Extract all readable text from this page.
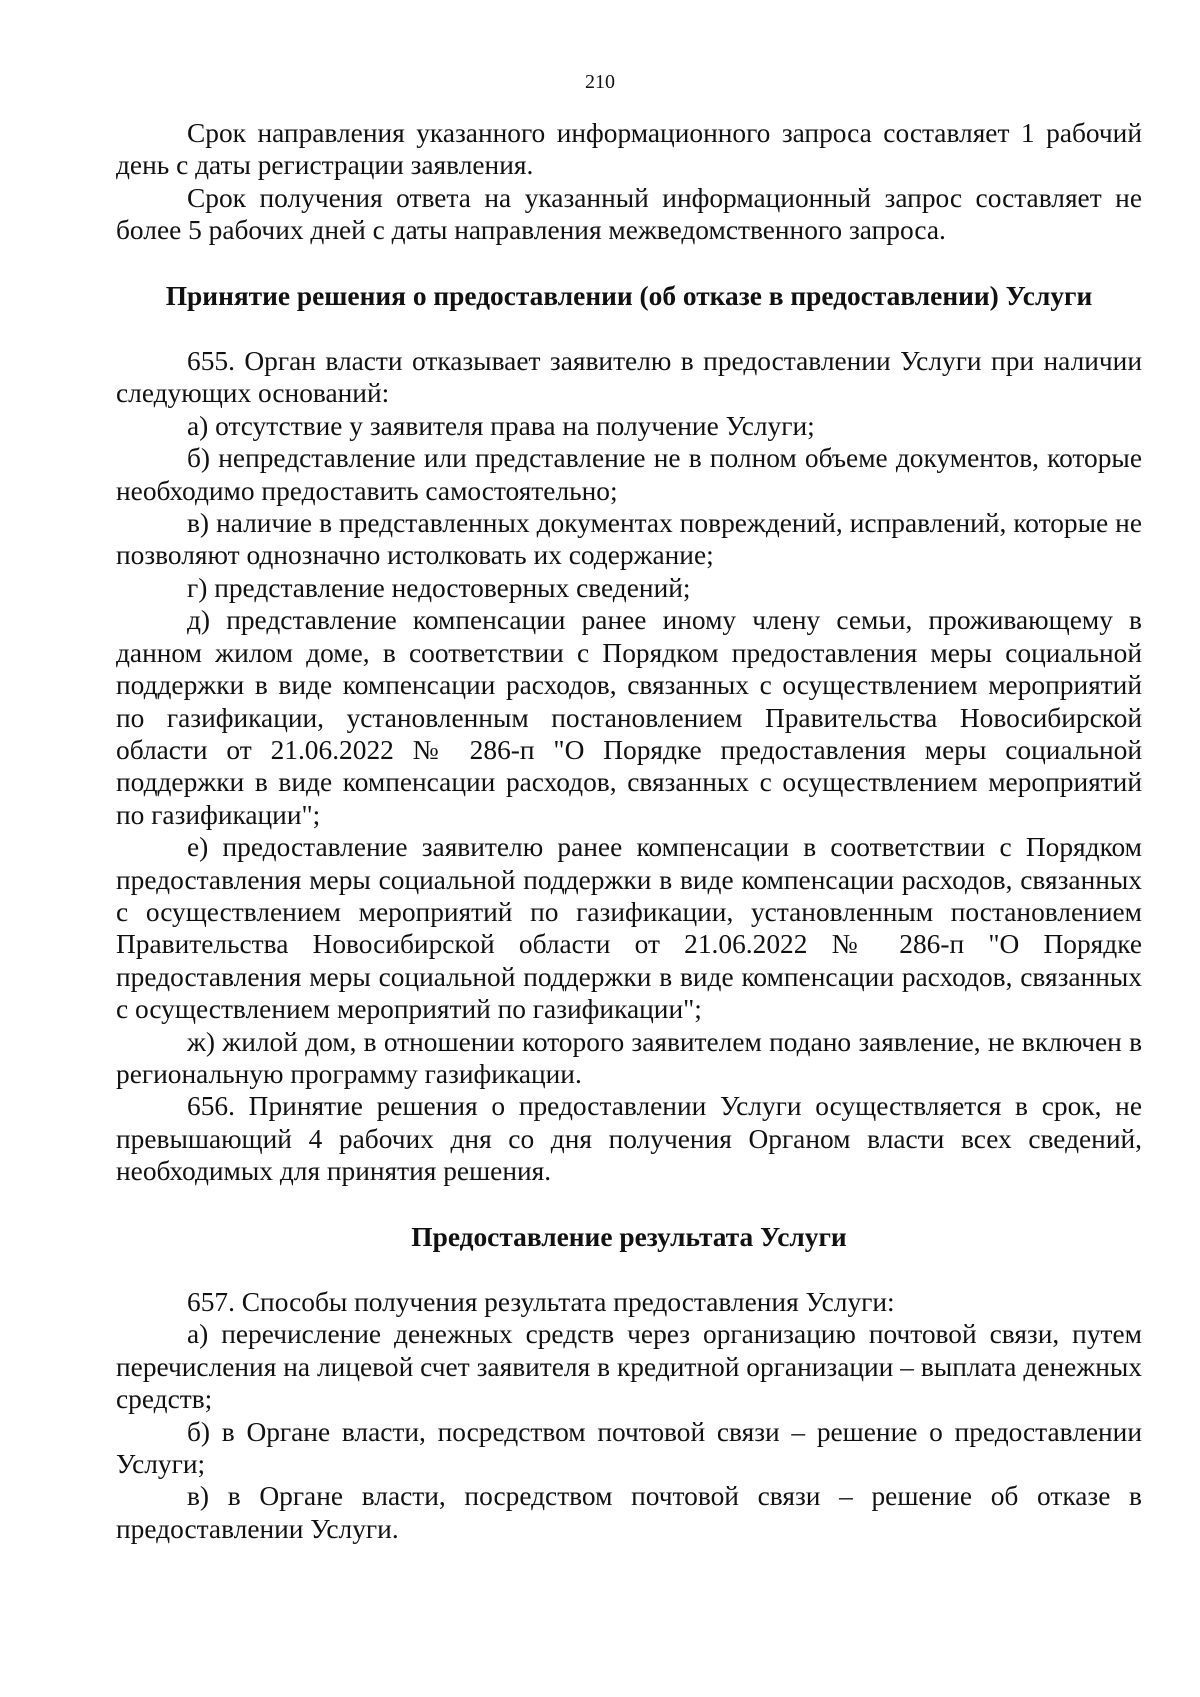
210

Срок направления указанного информационного запроса составляет 1 рабочий день с даты регистрации заявления.

Срок получения ответа на указанный информационный запрос составляет не более 5 рабочих дней с даты направления межведомственного запроса.

Принятие решения о предоставлении (об отказе в предоставлении) Услуги

655. Орган власти отказывает заявителю в предоставлении Услуги при наличии следующих оснований:

а) отсутствие у заявителя права на получение Услуги;

б) непредставление или представление не в полном объеме документов, которые необходимо предоставить самостоятельно;

в) наличие в представленных документах повреждений, исправлений, которые не позволяют однозначно истолковать их содержание;

г) представление недостоверных сведений;

д) представление компенсации ранее иному члену семьи, проживающему в данном жилом доме, в соответствии с Порядком предоставления меры социальной поддержки в виде компенсации расходов, связанных с осуществлением мероприятий по газификации, установленным постановлением Правительства Новосибирской области от 21.06.2022 № 286-п "О Порядке предоставления меры социальной поддержки в виде компенсации расходов, связанных с осуществлением мероприятий по газификации";

е) предоставление заявителю ранее компенсации в соответствии с Порядком предоставления меры социальной поддержки в виде компенсации расходов, связанных с осуществлением мероприятий по газификации, установленным постановлением Правительства Новосибирской области от 21.06.2022 № 286-п "О Порядке предоставления меры социальной поддержки в виде компенсации расходов, связанных с осуществлением мероприятий по газификации";

ж) жилой дом, в отношении которого заявителем подано заявление, не включен в региональную программу газификации.

656. Принятие решения о предоставлении Услуги осуществляется в срок, не превышающий 4 рабочих дня со дня получения Органом власти всех сведений, необходимых для принятия решения.

Предоставление результата Услуги

657. Способы получения результата предоставления Услуги:

а) перечисление денежных средств через организацию почтовой связи, путем перечисления на лицевой счет заявителя в кредитной организации – выплата денежных средств;

б) в Органе власти, посредством почтовой связи – решение о предоставлении Услуги;

в) в Органе власти, посредством почтовой связи – решение об отказе в предоставлении Услуги.
